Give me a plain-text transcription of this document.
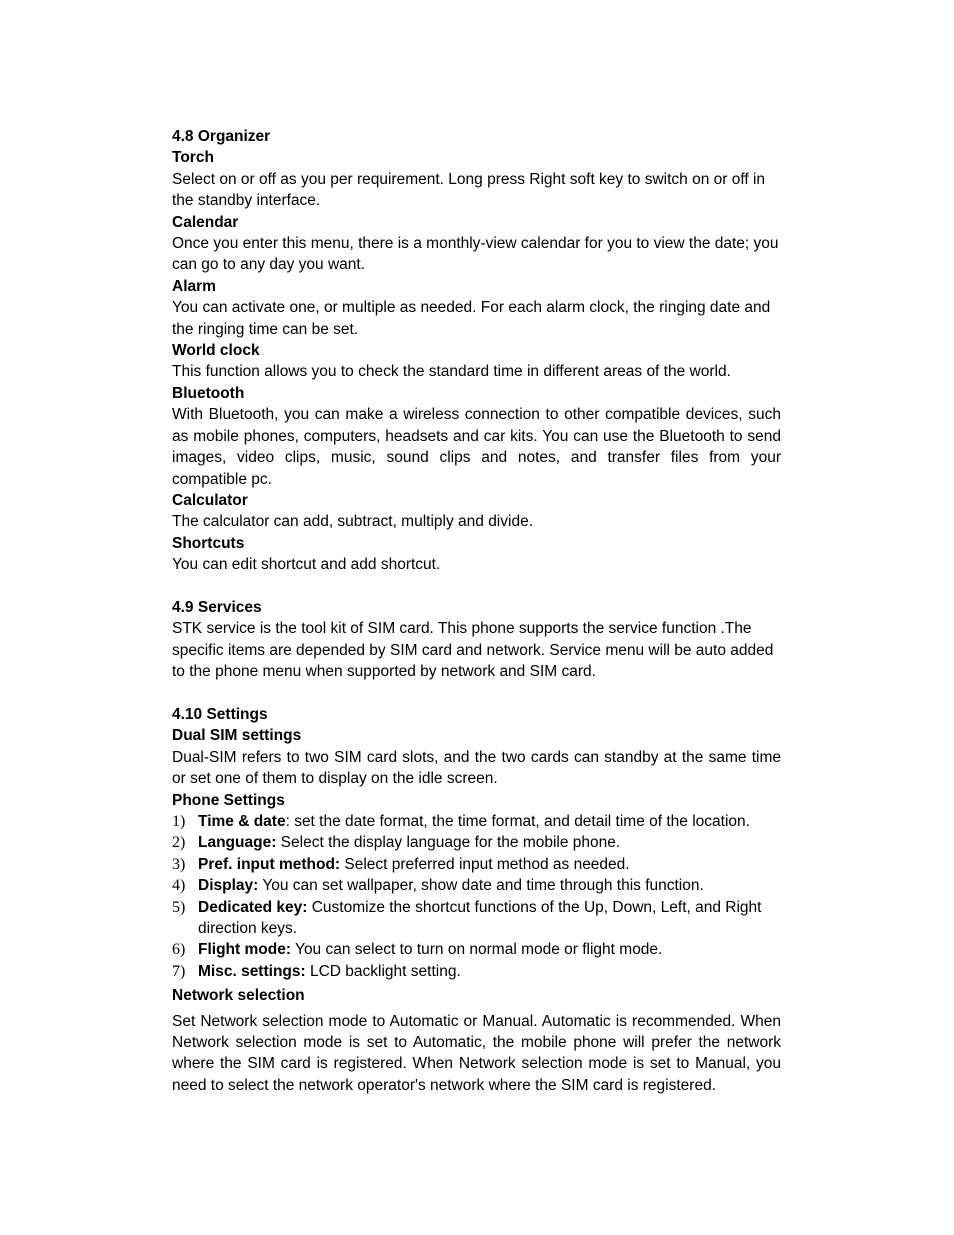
4.8 Organizer

Torch

Select on or off as you per requirement. Long press Right soft key to switch on or off in the standby interface.

Calendar

Once you enter this menu, there is a monthly-view calendar for you to view the date; you can go to any day you want.

Alarm

You can activate one, or multiple as needed. For each alarm clock, the ringing date and the ringing time can be set.

World clock

This function allows you to check the standard time in different areas of the world.

Bluetooth

With Bluetooth, you can make a wireless connection to other compatible devices, such as mobile phones, computers, headsets and car kits. You can use the Bluetooth to send images, video clips, music, sound clips and notes, and transfer files from your compatible pc.

Calculator

The calculator can add, subtract, multiply and divide.

Shortcuts

You can edit shortcut and add shortcut.

4.9 Services

STK service is the tool kit of SIM card. This phone supports the service function .The specific items are depended by SIM card and network. Service menu will be auto added to the phone menu when supported by network and SIM card.

4.10 Settings

Dual SIM settings

Dual-SIM refers to two SIM card slots, and the two cards can standby at the same time or set one of them to display on the idle screen.

Phone Settings

1) Time & date: set the date format, the time format, and detail time of the location.
2) Language: Select the display language for the mobile phone.
3) Pref. input method: Select preferred input method as needed.
4) Display: You can set wallpaper, show date and time through this function.
5) Dedicated key: Customize the shortcut functions of the Up, Down, Left, and Right direction keys.
6) Flight mode: You can select to turn on normal mode or flight mode.
7) Misc. settings: LCD backlight setting.

Network selection

Set Network selection mode to Automatic or Manual. Automatic is recommended. When Network selection mode is set to Automatic, the mobile phone will prefer the network where the SIM card is registered. When Network selection mode is set to Manual, you need to select the network operator's network where the SIM card is registered.
